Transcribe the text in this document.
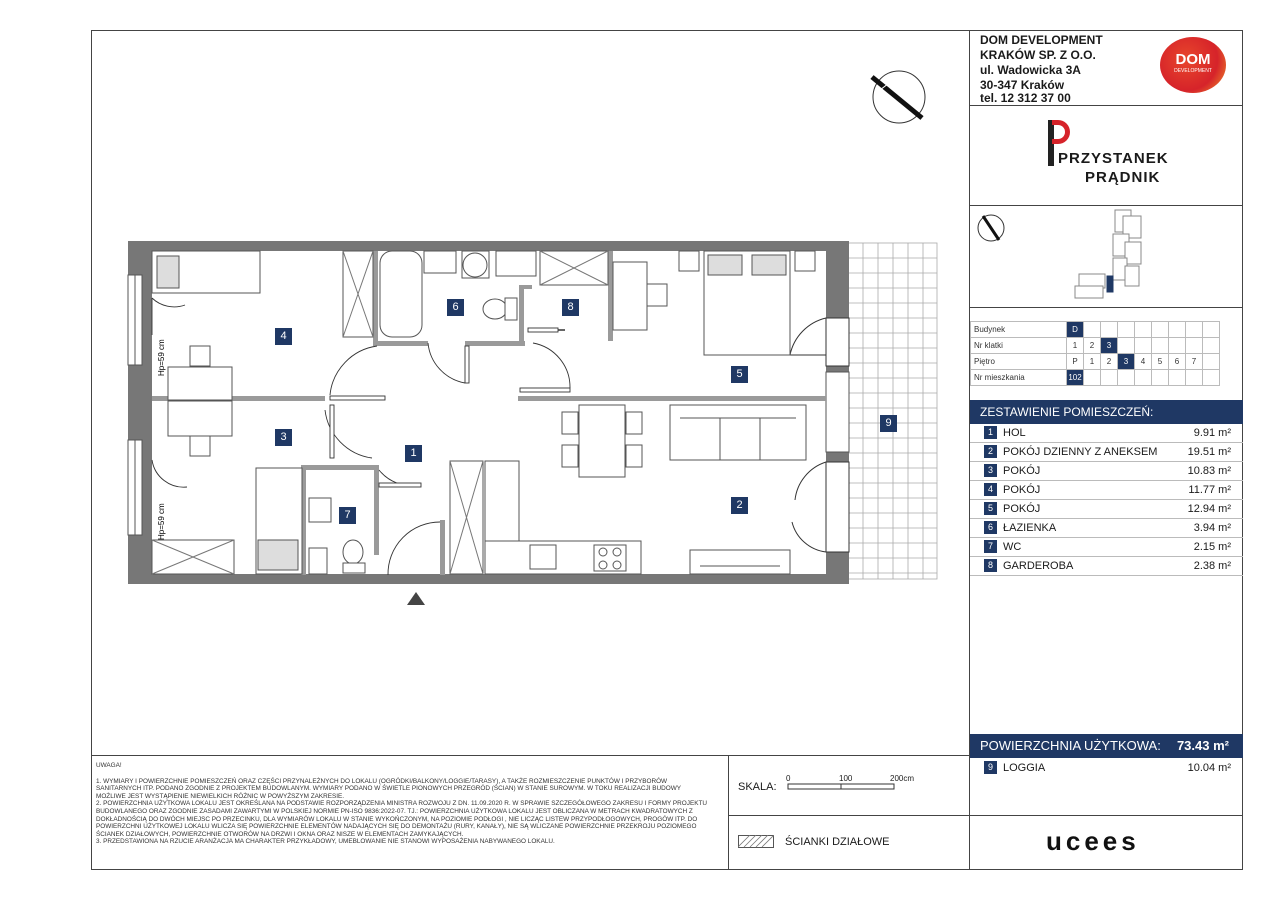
DOM DEVELOPMENT
KRAKÓW SP. Z O.O.
ul. Wadowicka 3A
30-347 Kraków
tel. 12 312 37 00
DOM
DEVELOPMENT
PRZYSTANEK
PRĄDNIK
Budynek	D								
Nr klatki	1	2	3						
Piętro	P	1	2	3	4	5	6	7	
Nr mieszkania	102								
ZESTAWIENIE POMIESZCZEŃ:
1 HOL	9.91 m²
2 POKÓJ DZIENNY Z ANEKSEM	19.51 m²
3 POKÓJ	10.83 m²
4 POKÓJ	11.77 m²
5 POKÓJ	12.94 m²
6 ŁAZIENKA	3.94 m²
7 WC	2.15 m²
8 GARDEROBA	2.38 m²
POWIERZCHNIA UŻYTKOWA: 73.43 m²
9 LOGGIA	10.04 m²
ucees
SKALA:
0	100	200cm
ŚCIANKI DZIAŁOWE
UWAGA!
1. WYMIARY I POWIERZCHNIE POMIESZCZEŃ ORAZ CZĘŚCI PRZYNALEŻNYCH DO LOKALU (OGRÓDKI/BALKONY/LOGGIE/TARASY), A TAKŻE ROZMIESZCZENIE PUNKTÓW I PRZYBORÓW SANITARNYCH ITP. PODANO ZGODNIE Z PROJEKTEM BUDOWLANYM. WYMIARY PODANO W ŚWIETLE PIONOWYCH PRZEGRÓD (ŚCIAN) W STANIE SUROWYM. W TOKU REALIZACJI BUDOWY MOŻLIWE JEST WYSTĄPIENIE NIEWIELKICH RÓŻNIC W POWYŻSZYM ZAKRESIE.
2. POWIERZCHNIA UŻYTKOWA LOKALU JEST OKREŚLANA NA PODSTAWIE ROZPORZĄDZENIA MINISTRA ROZWOJU Z DN. 11.09.2020 R. W SPRAWIE SZCZEGÓŁOWEGO ZAKRESU I FORMY PROJEKTU BUDOWLANEGO ORAZ ZGODNIE ZASADAMI ZAWARTYMI W POLSKIEJ NORMIE PN-ISO 9836:2022-07. TJ.: POWIERZCHNIA UŻYTKOWA LOKALU JEST OBLICZANA W METRACH KWADRATOWYCH Z DOKŁADNOŚCIĄ DO DWÓCH MIEJSC PO PRZECINKU, DLA WYMIARÓW LOKALU W STANIE WYKOŃCZONYM, NA POZIOMIE PODŁOGI , NIE LICZĄC LISTEW PRZYPODŁOGOWYCH, PROGÓW ITP. DO POWIERZCHNI UŻYTKOWEJ LOKALU WLICZA SIĘ POWIERZCHNIE ELEMENTÓW NADAJĄCYCH SIĘ DO DEMONTAŻU (RURY, KANAŁY), NIE SĄ WLICZANE POWIERZCHNIE PRZEKROJU POZIOMEGO ŚCIANEK DZIAŁOWYCH, POWIERZCHNIE OTWORÓW NA DRZWI I OKNA ORAZ NISZE W ELEMENTACH ZAMYKAJĄCYCH.
3. PRZEDSTAWIONA NA RZUCIE ARANŻACJA MA CHARAKTER PRZYKŁADOWY, UMEBLOWANIE NIE STANOWI WYPOSAŻENIA NABYWANEGO LOKALU.
Hp=59 cm
Hp=59 cm
1
2
3
4
5
6
7
8
9
